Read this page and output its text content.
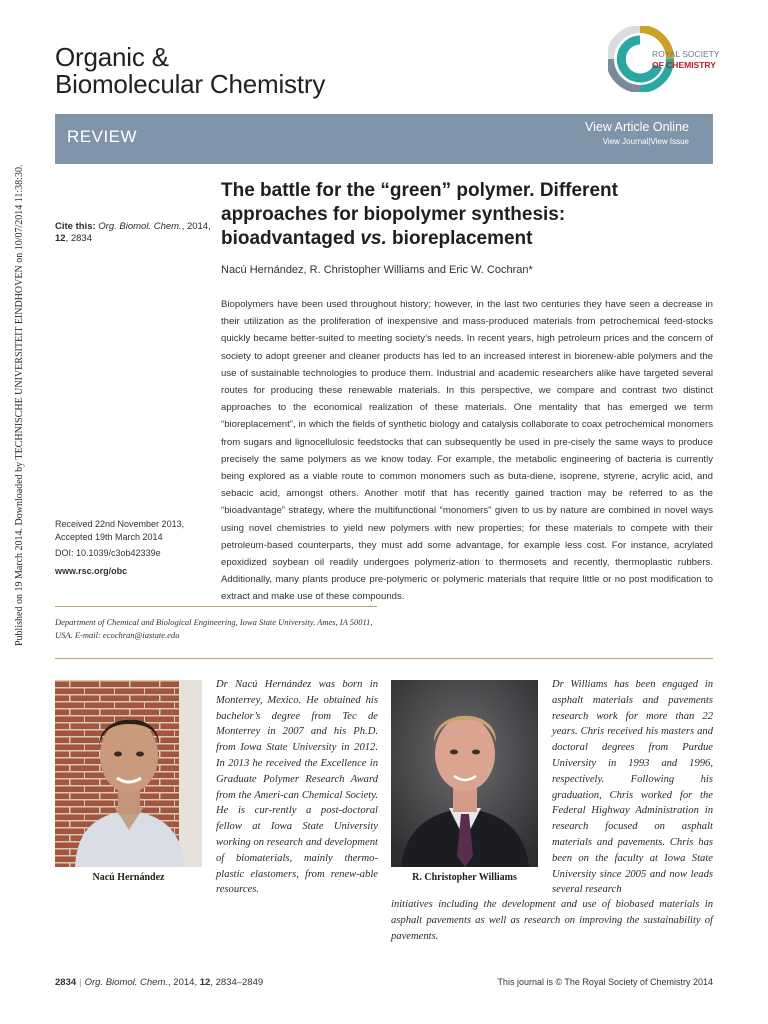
Published on 19 March 2014. Downloaded by TECHNISCHE UNIVERSITEIT EINDHOVEN on 10/07/2014 11:38:30.
Organic &
Biomolecular Chemistry
ROYAL SOCIETY
OF CHEMISTRY
REVIEW	View Article Online
View Journal|View Issue
Cite this: Org. Biomol. Chem., 2014,
12, 2834
The battle for the “green” polymer. Different approaches for biopolymer synthesis: bioadvantaged vs. bioreplacement
Nacú Hernández, R. Christopher Williams and Eric W. Cochran*
Biopolymers have been used throughout history; however, in the last two centuries they have seen a decrease in their utilization as the proliferation of inexpensive and mass-produced materials from petrochemical feed-stocks quickly became better-suited to meeting society’s needs. In recent years, high petroleum prices and the concern of society to adopt greener and cleaner products has led to an increased interest in biorenew-able polymers and the use of sustainable technologies to produce them. Industrial and academic researchers alike have targeted several routes for producing these renewable materials. In this perspective, we compare and contrast two distinct approaches to the economical realization of these materials. One mentality that has emerged we term “bioreplacement”, in which the fields of synthetic biology and catalysis collaborate to coax petrochemical monomers from sugars and lignocellulosic feedstocks that can subsequently be used in pre-cisely the same ways to produce precisely the same polymers as we know today. For example, the metabolic engineering of bacteria is currently being explored as a viable route to common monomers such as buta-diene, isoprene, styrene, acrylic acid, and sebacic acid, amongst others. Another motif that has recently gained traction may be referred to as the “bioadvantage” strategy, where the multifunctional “monomers” given to us by nature are combined in novel ways using novel chemistries to yield new polymers with new properties; for these materials to compete with their petroleum-based counterparts, they must add some advantage, for example less cost. For instance, acrylated epoxidized soybean oil readily undergoes polymeriz-ation to thermosets and recently, thermoplastic rubbers. Additionally, many plants produce pre-polymeric or polymeric materials that require little or no post modification to extract and make use of these compounds.
Received 22nd November 2013,
Accepted 19th March 2014
DOI: 10.1039/c3ob42339e
www.rsc.org/obc
Department of Chemical and Biological Engineering, Iowa State University, Ames, IA 50011, USA. E-mail: ecochran@iastate.edu
Nacú Hernández
Dr Nacú Hernández was born in Monterrey, Mexico. He obtained his bachelor’s degree from Tec de Monterrey in 2007 and his Ph.D. from Iowa State University in 2012. In 2013 he received the Excellence in Graduate Polymer Research Award from the Ameri-can Chemical Society. He is cur-rently a post-doctoral fellow at Iowa State University working on research and development of biomaterials, mainly thermo-plastic elastomers, from renew-able resources.
R. Christopher Williams
Dr Williams has been engaged in asphalt materials and pavements research work for more than 22 years. Chris received his masters and doctoral degrees from Purdue University in 1993 and 1996, respectively. Following his graduation, Chris worked for the Federal Highway Administration in research focused on asphalt materials and pavements. Chris has been on the faculty at Iowa State University since 2005 and now leads several research
initiatives including the development and use of biobased materials in asphalt pavements as well as research on improving the sustainability of pavements.
2834 | Org. Biomol. Chem., 2014, 12, 2834–2849	This journal is © The Royal Society of Chemistry 2014
